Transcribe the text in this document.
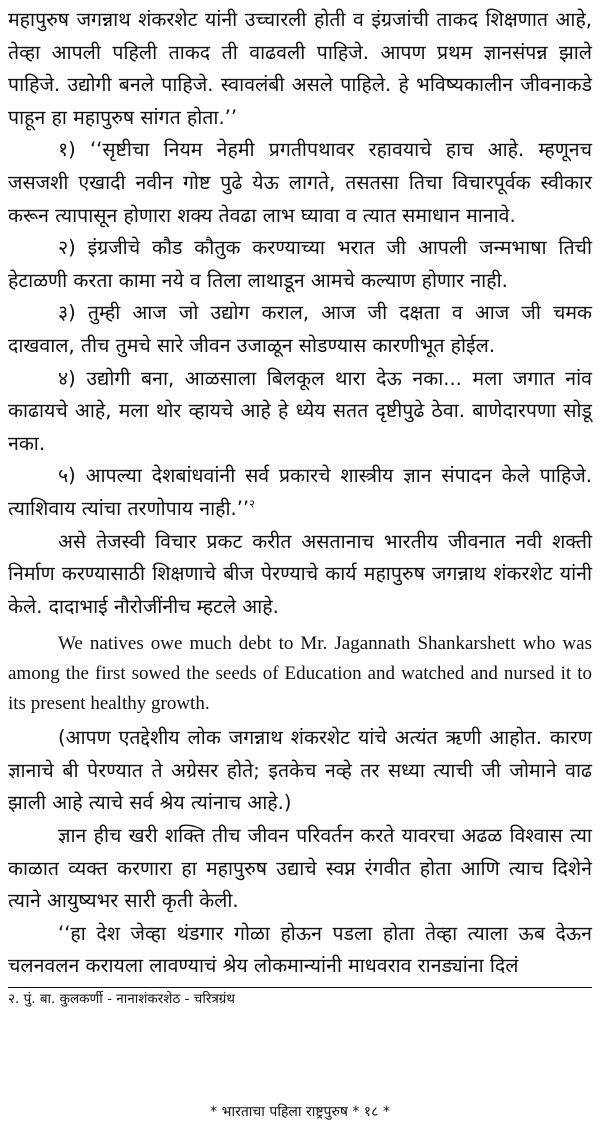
महापुरुष जगन्नाथ शंकरशेट यांनी उच्चारली होती व इंग्रजांची ताकद शिक्षणात आहे, तेव्हा आपली पहिली ताकद ती वाढवली पाहिजे. आपण प्रथम ज्ञानसंपन्न झाले पाहिजे. उद्योगी बनले पाहिजे. स्वावलंबी असले पाहिले. हे भविष्यकालीन जीवनाकडे पाहून हा महापुरुष सांगत होता.’’

१) ‘‘सृष्टीचा नियम नेहमी प्रगतीपथावर रहावयाचे हाच आहे. म्हणूनच जसजशी एखादी नवीन गोष्ट पुढे येऊ लागते, तसतसा तिचा विचारपूर्वक स्वीकार करून त्यापासून होणारा शक्य तेवढा लाभ घ्यावा व त्यात समाधान मानावे.

२) इंग्रजीचे कौड कौतुक करण्याच्या भरात जी आपली जन्मभाषा तिची हेटाळणी करता कामा नये व तिला लाथाडून आमचे कल्याण होणार नाही.

३) तुम्ही आज जो उद्योग कराल, आज जी दक्षता व आज जी चमक दाखवाल, तीच तुमचे सारे जीवन उजाळून सोडण्यास कारणीभूत होईल.

४) उद्योगी बना, आळसाला बिलकूल थारा देऊ नका... मला जगात नांव काढायचे आहे, मला थोर व्हायचे आहे हे ध्येय सतत दृष्टीपुढे ठेवा. बाणेदारपणा सोडू नका.

५) आपल्या देशबांधवांनी सर्व प्रकारचे शास्त्रीय ज्ञान संपादन केले पाहिजे. त्याशिवाय त्यांचा तरणोपाय नाही.’’$^२$

असे तेजस्वी विचार प्रकट करीत असतानाच भारतीय जीवनात नवी शक्ती निर्माण करण्यासाठी शिक्षणाचे बीज पेरण्याचे कार्य महापुरुष जगन्नाथ शंकरशेट यांनी केले. दादाभाई नौरोजींनीच म्हटले आहे.

We natives owe much debt to Mr. Jagannath Shankarshett who was among the first sowed the seeds of Education and watched and nursed it to its present healthy growth.

(आपण एतद्देशीय लोक जगन्नाथ शंकरशेट यांचे अत्यंत ऋणी आहोत. कारण ज्ञानाचे बी पेरण्यात ते अग्रेसर होते; इतकेच नव्हे तर सध्या त्याची जी जोमाने वाढ झाली आहे त्याचे सर्व श्रेय त्यांनाच आहे.)

ज्ञान हीच खरी शक्ति तीच जीवन परिवर्तन करते यावरचा अढळ विश्वास त्या काळात व्यक्त करणारा हा महापुरुष उद्याचे स्वप्न रंगवीत होता आणि त्याच दिशेने त्याने आयुष्यभर सारी कृती केली.

‘‘हा देश जेव्हा थंडगार गोळा होऊन पडला होता तेव्हा त्याला ऊब देऊन चलनवलन करायला लावण्याचं श्रेय लोकमान्यांनी माधवराव रानड्यांना दिलं

२. पुं. बा. कुलकर्णी - नानाशंकरशेठ - चरित्रग्रंथ

* भारताचा पहिला राष्ट्रपुरुष * १८ *
